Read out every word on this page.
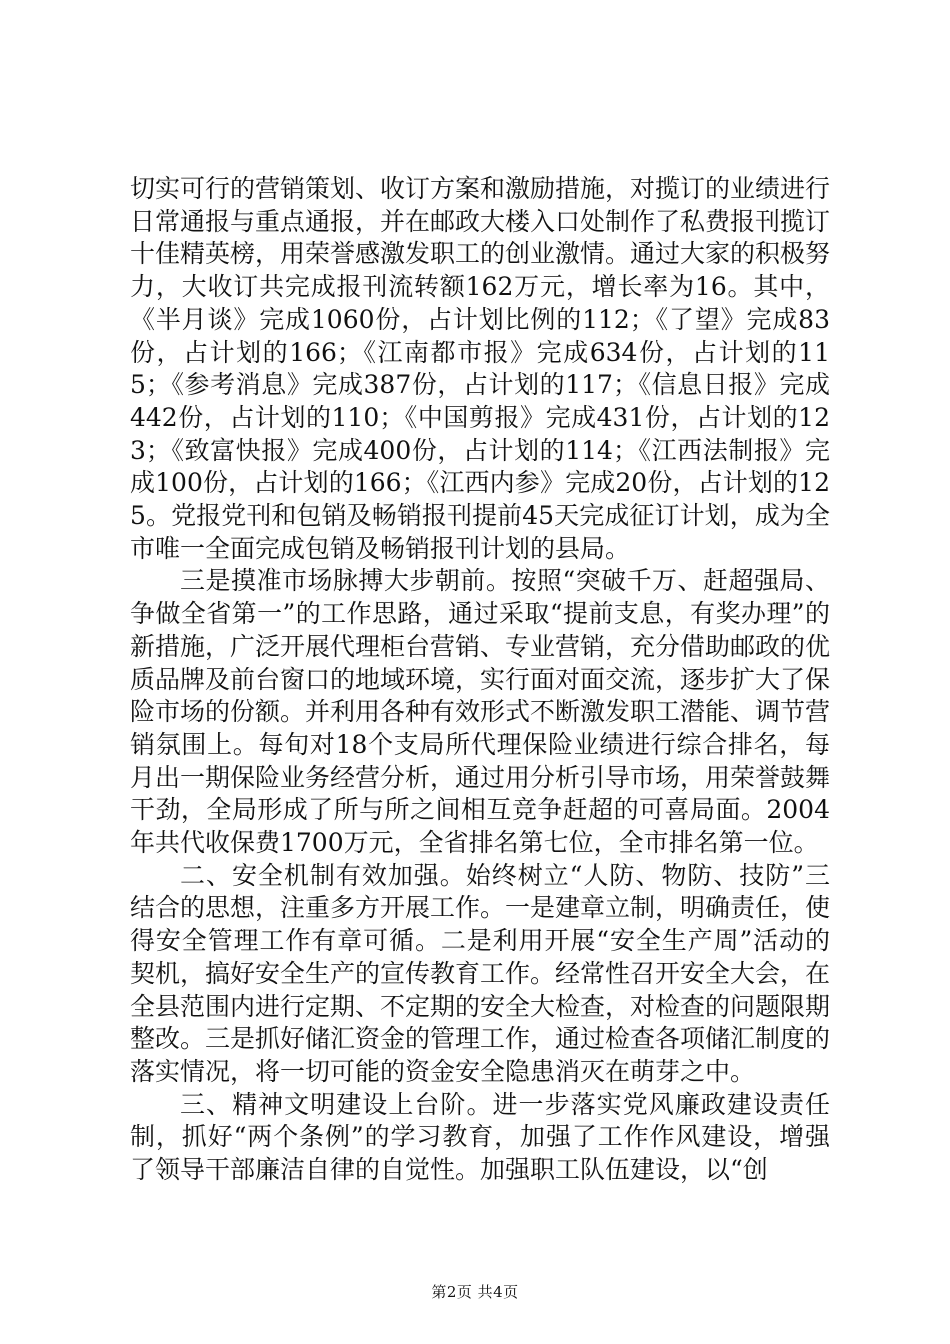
切实可行的营销策划、收订方案和激励措施，对揽订的业绩进行日常通报与重点通报，并在邮政大楼入口处制作了私费报刊揽订十佳精英榜，用荣誉感激发职工的创业激情。通过大家的积极努力，大收订共完成报刊流转额162万元，增长率为16。其中，《半月谈》完成1060份，占计划比例的112；《了望》完成83份，占计划的166；《江南都市报》完成634份，占计划的115；《参考消息》完成387份，占计划的117；《信息日报》完成442份，占计划的110；《中国剪报》完成431份，占计划的123；《致富快报》完成400份，占计划的114；《江西法制报》完成100份，占计划的166；《江西内参》完成20份，占计划的125。党报党刊和包销及畅销报刊提前45天完成征订计划，成为全市唯一全面完成包销及畅销报刊计划的县局。

三是摸准市场脉搏大步朝前。按照“突破千万、赶超强局、争做全省第一”的工作思路，通过采取“提前支息，有奖办理”的新措施，广泛开展代理柜台营销、专业营销，充分借助邮政的优质品牌及前台窗口的地域环境，实行面对面交流，逐步扩大了保险市场的份额。并利用各种有效形式不断激发职工潜能、调节营销氛围上。每旬对18个支局所代理保险业绩进行综合排名，每月出一期保险业务经营分析，通过用分析引导市场，用荣誉鼓舞干劲，全局形成了所与所之间相互竞争赶超的可喜局面。2004年共代收保费1700万元，全省排名第七位，全市排名第一位。

二、安全机制有效加强。始终树立“人防、物防、技防”三结合的思想，注重多方开展工作。一是建章立制，明确责任，使得安全管理工作有章可循。二是利用开展“安全生产周”活动的契机，搞好安全生产的宣传教育工作。经常性召开安全大会，在全县范围内进行定期、不定期的安全大检查，对检查的问题限期整改。三是抓好储汇资金的管理工作，通过检查各项储汇制度的落实情况，将一切可能的资金安全隐患消灭在萌芽之中。

三、精神文明建设上台阶。进一步落实党风廉政建设责任制，抓好“两个条例”的学习教育，加强了工作作风建设，增强了领导干部廉洁自律的自觉性。加强职工队伍建设，以“创

第2页 共4页
